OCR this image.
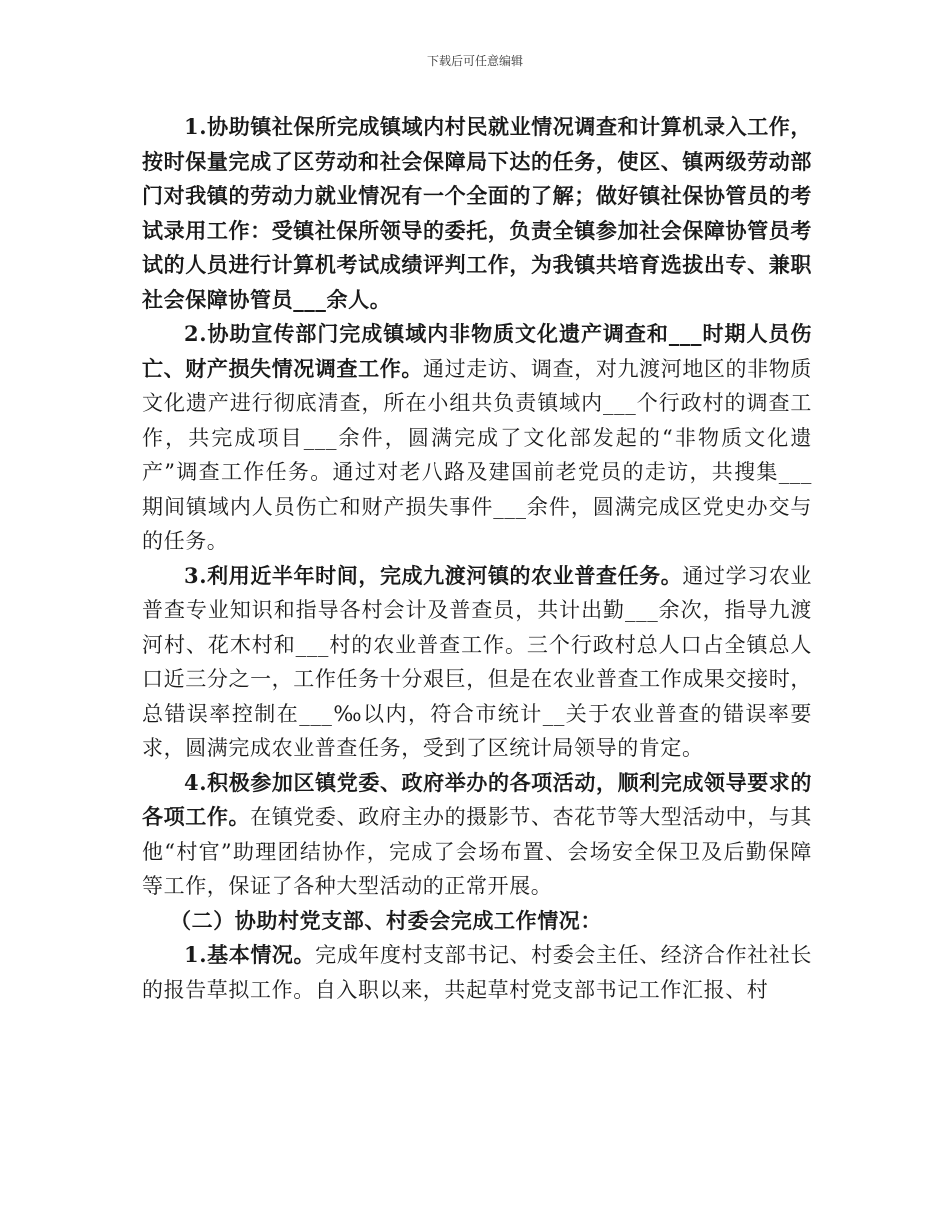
下载后可任意编辑

1.协助镇社保所完成镇域内村民就业情况调查和计算机录入工作，按时保量完成了区劳动和社会保障局下达的任务，使区、镇两级劳动部门对我镇的劳动力就业情况有一个全面的了解；做好镇社保协管员的考试录用工作：受镇社保所领导的委托，负责全镇参加社会保障协管员考试的人员进行计算机考试成绩评判工作，为我镇共培育选拔出专、兼职社会保障协管员___余人。

2.协助宣传部门完成镇域内非物质文化遗产调查和___时期人员伤亡、财产损失情况调查工作。通过走访、调查，对九渡河地区的非物质文化遗产进行彻底清查，所在小组共负责镇域内___个行政村的调查工作，共完成项目___余件，圆满完成了文化部发起的“非物质文化遗产”调查工作任务。通过对老八路及建国前老党员的走访，共搜集___期间镇域内人员伤亡和财产损失事件___余件，圆满完成区党史办交与的任务。

3.利用近半年时间，完成九渡河镇的农业普查任务。通过学习农业普查专业知识和指导各村会计及普查员，共计出勤___余次，指导九渡河村、花木村和___村的农业普查工作。三个行政村总人口占全镇总人口近三分之一，工作任务十分艰巨，但是在农业普查工作成果交接时，总错误率控制在___‰以内，符合市统计__关于农业普查的错误率要求，圆满完成农业普查任务，受到了区统计局领导的肯定。

4.积极参加区镇党委、政府举办的各项活动，顺利完成领导要求的各项工作。在镇党委、政府主办的摄影节、杏花节等大型活动中，与其他“村官”助理团结协作，完成了会场布置、会场安全保卫及后勤保障等工作，保证了各种大型活动的正常开展。

（二）协助村党支部、村委会完成工作情况：

1.基本情况。完成年度村支部书记、村委会主任、经济合作社社长的报告草拟工作。自入职以来，共起草村党支部书记工作汇报、村
